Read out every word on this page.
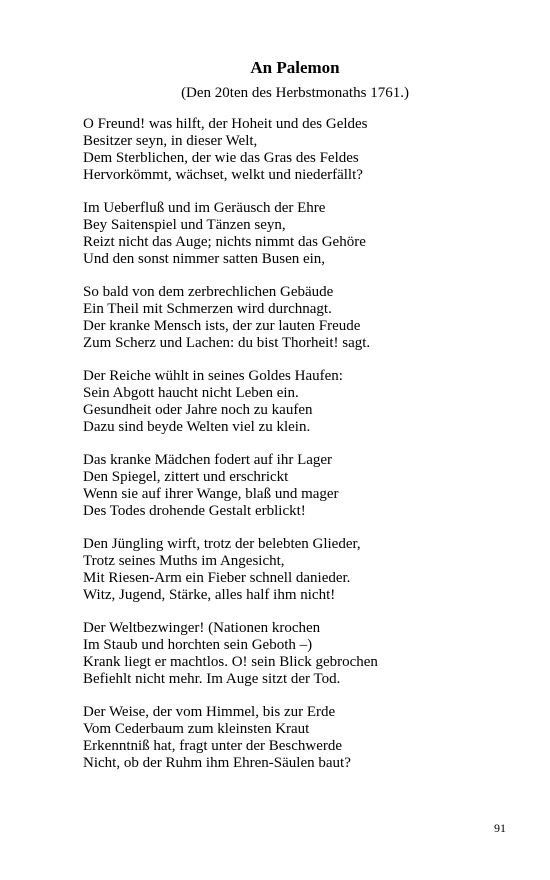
An Palemon

(Den 20ten des Herbstmonaths 1761.)

O Freund! was hilft, der Hoheit und des Geldes
Besitzer seyn, in dieser Welt,
Dem Sterblichen, der wie das Gras des Feldes
Hervorkömmt, wächset, welkt und niederfällt?
Im Ueberfluß und im Geräusch der Ehre
Bey Saitenspiel und Tänzen seyn,
Reizt nicht das Auge; nichts nimmt das Gehöre
Und den sonst nimmer satten Busen ein,
So bald von dem zerbrechlichen Gebäude
Ein Theil mit Schmerzen wird durchnagt.
Der kranke Mensch ists, der zur lauten Freude
Zum Scherz und Lachen: du bist Thorheit! sagt.
Der Reiche wühlt in seines Goldes Haufen:
Sein Abgott haucht nicht Leben ein.
Gesundheit oder Jahre noch zu kaufen
Dazu sind beyde Welten viel zu klein.
Das kranke Mädchen fodert auf ihr Lager
Den Spiegel, zittert und erschrickt
Wenn sie auf ihrer Wange, blaß und mager
Des Todes drohende Gestalt erblickt!
Den Jüngling wirft, trotz der belebten Glieder,
Trotz seines Muths im Angesicht,
Mit Riesen-Arm ein Fieber schnell danieder.
Witz, Jugend, Stärke, alles half ihm nicht!
Der Weltbezwinger! (Nationen krochen
Im Staub und horchten sein Geboth –)
Krank liegt er machtlos. O! sein Blick gebrochen
Befiehlt nicht mehr. Im Auge sitzt der Tod.
Der Weise, der vom Himmel, bis zur Erde
Vom Cederbaum zum kleinsten Kraut
Erkenntniß hat, fragt unter der Beschwerde
Nicht, ob der Ruhm ihm Ehren-Säulen baut?
91
